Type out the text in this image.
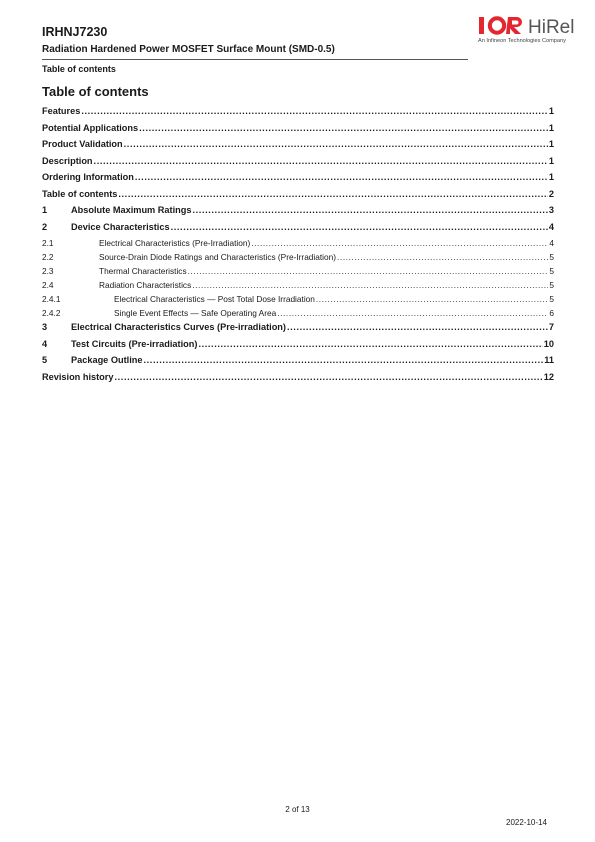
IRHNJ7230
Radiation Hardened Power MOSFET Surface Mount (SMD-0.5)
Table of contents
HiRel
An Infineon Technologies Company
Table of contents
Features .....	1
Potential Applications .....	1
Product Validation .....	1
Description .....	1
Ordering Information .....	1
Table of contents .....	2
1	Absolute Maximum Ratings .....	3
2	Device Characteristics .....	4
2.1	Electrical Characteristics (Pre-Irradiation) .....	4
2.2	Source-Drain Diode Ratings and Characteristics (Pre-Irradiation) .....	5
2.3	Thermal Characteristics .....	5
2.4	Radiation Characteristics .....	5
2.4.1	Electrical Characteristics — Post Total Dose Irradiation .....	5
2.4.2	Single Event Effects — Safe Operating Area .....	6
3	Electrical Characteristics Curves (Pre-irradiation) .....	7
4	Test Circuits (Pre-irradiation) .....	10
5	Package Outline .....	11
Revision history .....	12
2 of 13
2022-10-14
